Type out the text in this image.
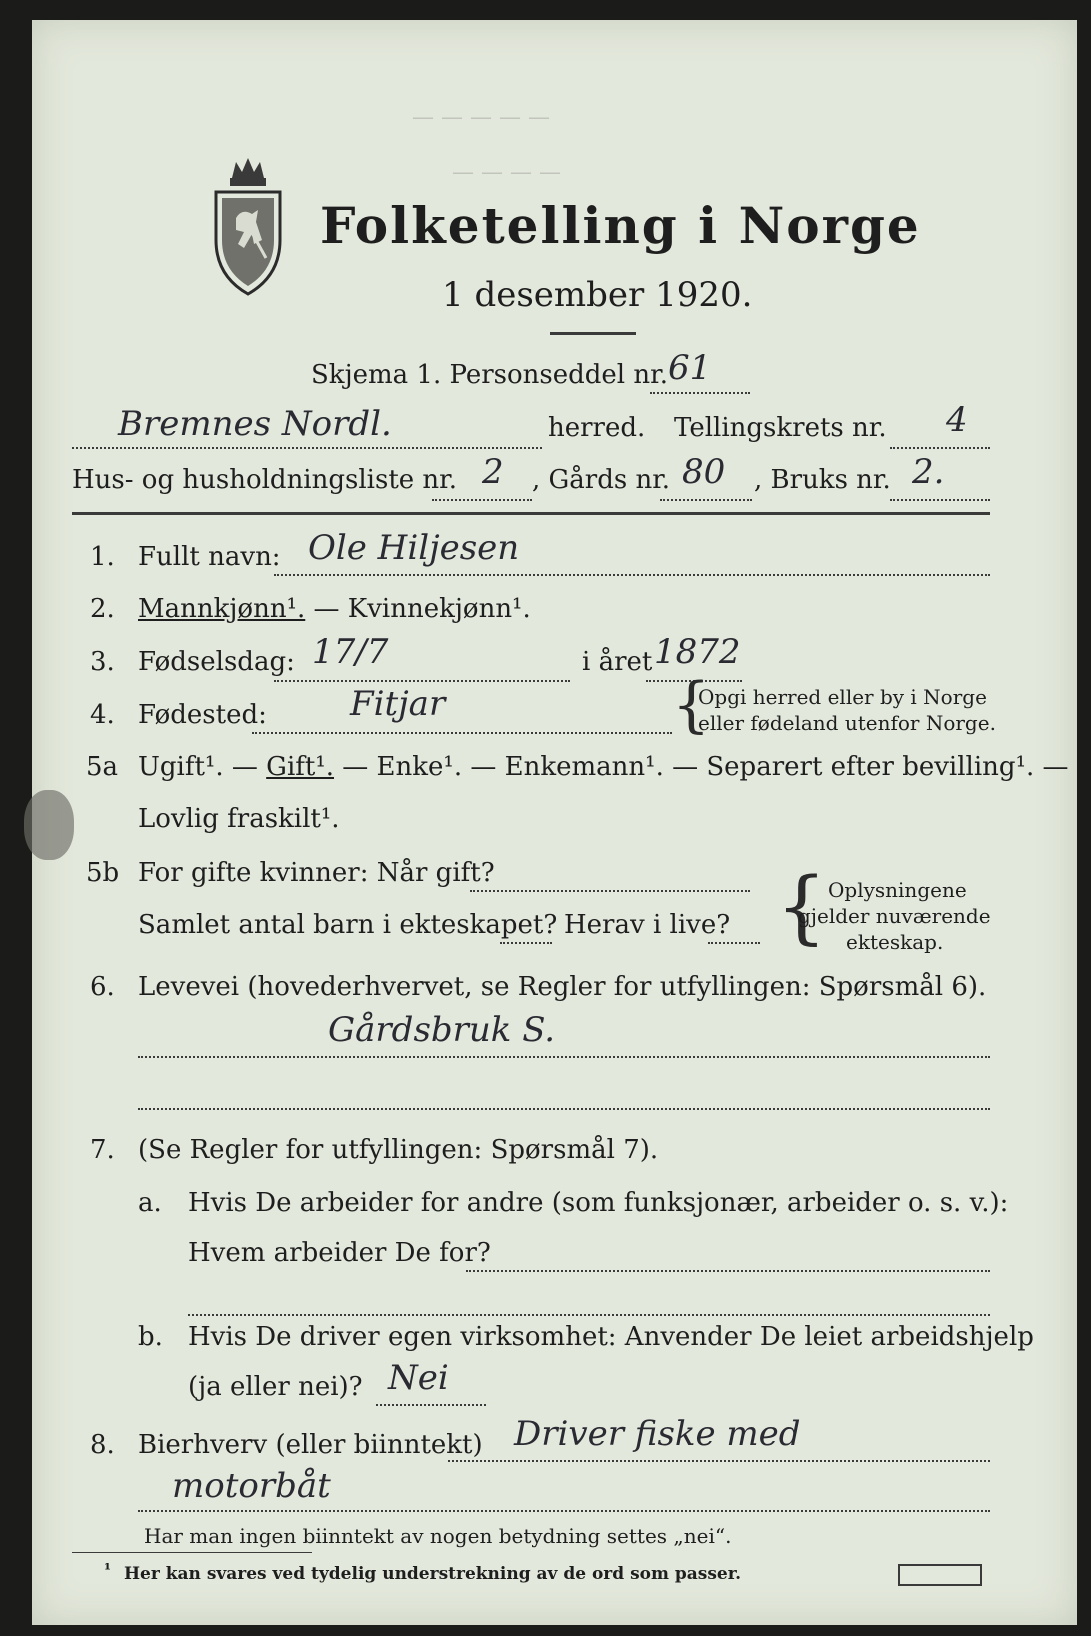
— — — — —
— — — —
Folketelling i Norge
1 desember 1920.
Skjema 1. Personseddel nr. 61
Bremnes Nordl.	herred. Tellingskrets nr. 4
Hus- og husholdningsliste nr. 2 , Gårds nr. 80 , Bruks nr. 2.
1. Fullt navn: Ole Hiljesen
2. Mannkjønn¹. — Kvinnekjønn¹.
3. Fødselsdag: 17/7	i året 1872
4. Fødested: Fitjar	{
Opgi herred eller by i Norge
eller fødeland utenfor Norge.
5a Ugift¹. — Gift¹. — Enke¹. — Enkemann¹. — Separert efter bevilling¹. —
Lovlig fraskilt¹.
5b For gifte kvinner: Når gift?
Samlet antal barn i ekteskapet? Herav i live? { Oplysningene
gjelder nuværende
ekteskap.
6. Levevei (hovederhvervet, se Regler for utfyllingen: Spørsmål 6).
Gårdsbruk S.
7. (Se Regler for utfyllingen: Spørsmål 7).
a. Hvis De arbeider for andre (som funksjonær, arbeider o. s. v.):
Hvem arbeider De for?
b. Hvis De driver egen virksomhet: Anvender De leiet arbeidshjelp
(ja eller nei)? Nei
8. Bierhverv (eller biinntekt) Driver fiske med
motorbåt
Har man ingen biinntekt av nogen betydning settes „nei“.
¹ Her kan svares ved tydelig understrekning av de ord som passer.
